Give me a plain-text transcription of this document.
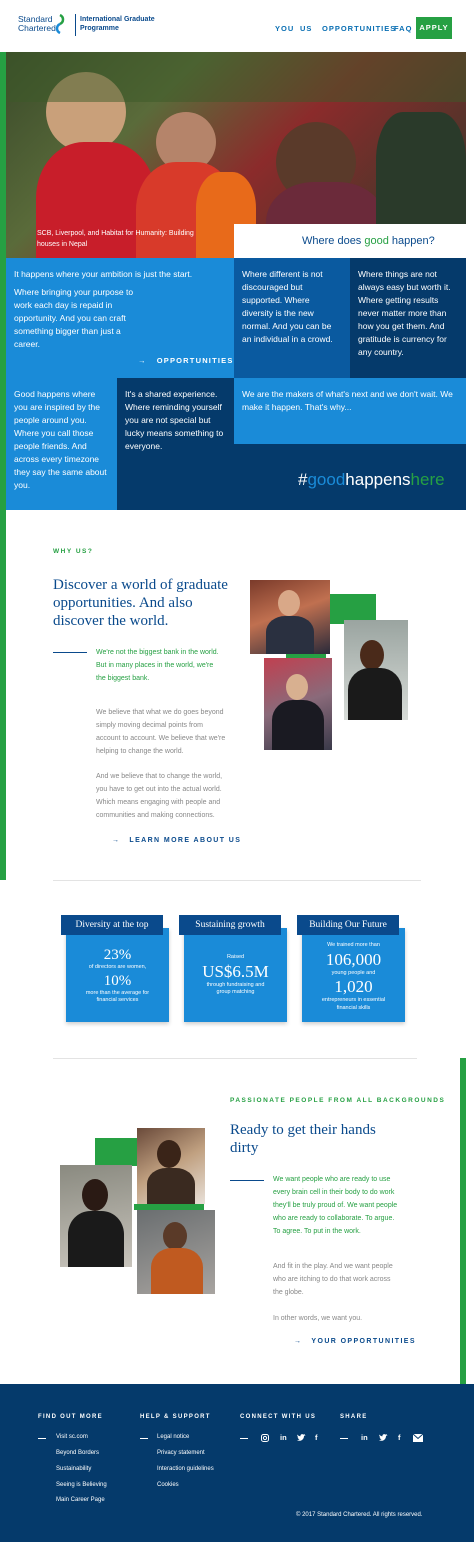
Standard
Chartered
International Graduate
Programme	YOU US OPPORTUNITIES
FAQ APPLY
SCB, Liverpool, and Habitat for Humanity: Building houses in Nepal	Where does good happen?

It happens where your ambition is just the start.

Where bringing your purpose to work each day is repaid in opportunity. And you can craft something bigger than just a career.

→ OPPORTUNITIES
Where different is not discouraged but supported. Where diversity is the new normal. And you can be an individual in a crowd.
Where things are not always easy but worth it. Where getting results never matter more than how you get them. And gratitude is currency for any country.
Good happens where you are inspired by the people around you. Where you call those people friends. And across every timezone they say the same about you.
It's a shared experience. Where reminding yourself you are not special but lucky means something to everyone.
We are the makers of what's next and we don't wait. We make it happen. That's why...
#goodhappenshere
WHY US?
Discover a world of graduate
opportunities. And also
discover the world.
We're not the biggest bank in the world.
But in many places in the world, we're
the biggest bank.
We believe that what we do goes beyond
simply moving decimal points from
account to account. We believe that we're
helping to change the world.
And we believe that to change the world,
you have to get out into the actual world.
Which means engaging with people and
communities and making connections.
→ LEARN MORE ABOUT US
23%
of directors are women,
10%
more than the average for
financial services
Diversity at the top
Raised
US$6.5M
through fundraising and
group matching
Sustaining growth
We trained more than
106,000
young people and
1,020
entrepreneurs in essential
financial skills
Building Our Future
PASSIONATE PEOPLE FROM ALL BACKGROUNDS
Ready to get their hands
dirty
We want people who are ready to use
every brain cell in their body to do work
they'll be truly proud of. We want people
who are ready to collaborate. To argue.
To agree. To put in the work.
And fit in the play. And we want people
who are itching to do that work across
the globe.
In other words, we want you.
→ YOUR OPPORTUNITIES
FIND OUT MORE
Visit sc.com
Beyond Borders
Sustainability
Seeing is Believing
Main Career Page
HELP & SUPPORT
Legal notice
Privacy statement
Interaction guidelines
Cookies
CONNECT WITH US
in	f
SHARE
in	f
© 2017 Standard Chartered. All rights reserved.
